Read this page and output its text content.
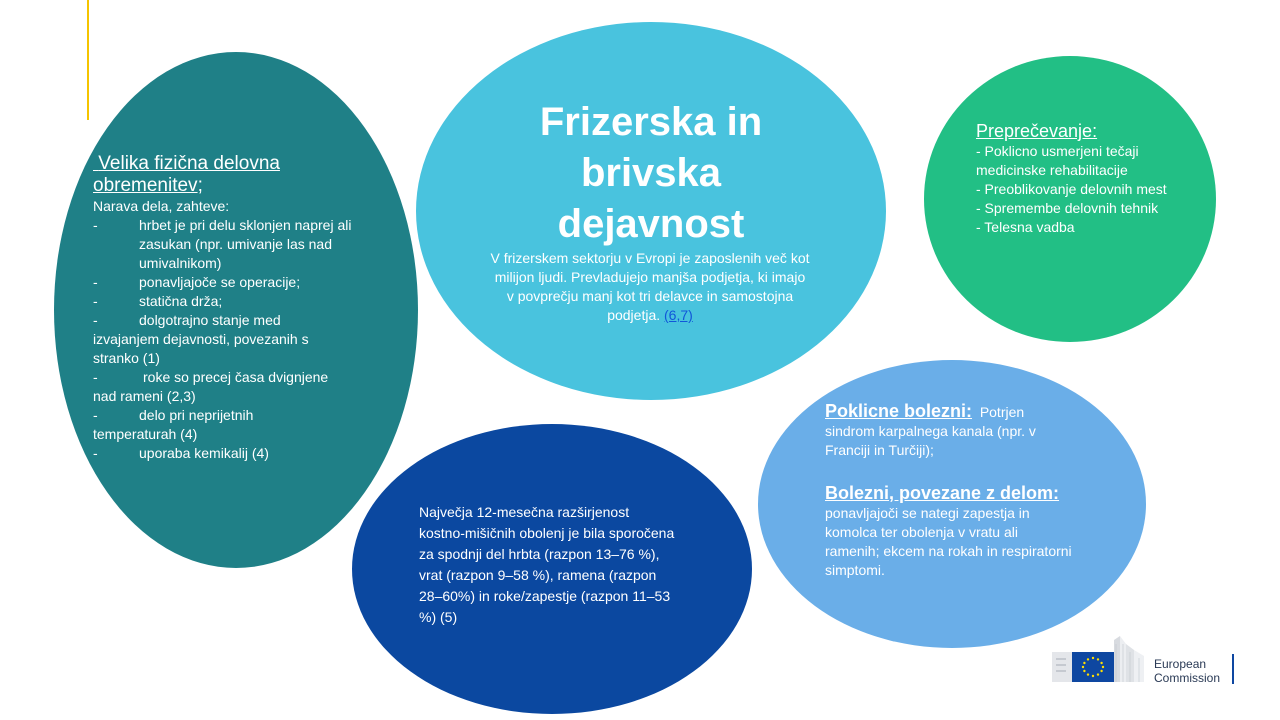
Velika fizična delovna
obremenitev;
Narava dela, zahteve:
-	hrbet je pri delu sklonjen naprej ali zasukan (npr. umivanje las nad umivalnikom)
-	ponavljajoče se operacije;
-	statična drža;
-	dolgotrajno stanje med
izvajanjem dejavnosti, povezanih s stranko (1)
-	roke so precej časa dvignjene
nad rameni (2,3)
-	delo pri neprijetnih
temperaturah (4)
-	uporaba kemikalij (4)
Frizerska in
brivska
dejavnost
V frizerskem sektorju v Evropi je zaposlenih več kot milijon ljudi. Prevladujejo manjša podjetja, ki imajo v povprečju manj kot tri delavce in samostojna podjetja. (6,7)
Preprečevanje:
- Poklicno usmerjeni tečaji medicinske rehabilitacije
- Preoblikovanje delovnih mest
- Spremembe delovnih tehnik
- Telesna vadba
Poklicne bolezni: Potrjen sindrom karpalnega kanala (npr. v Franciji in Turčiji);
Bolezni, povezane z delom:  ponavljajoči se nategi zapestja in komolca ter obolenja v vratu ali ramenih; ekcem na rokah in respiratorni simptomi.
Največja 12-mesečna razširjenost kostno-mišičnih obolenj je bila sporočena za spodnji del hrbta (razpon 13–76 %), vrat (razpon 9–58 %), ramena (razpon 28–60%) in roke/zapestje (razpon 11–53 %) (5)
European
Commission
